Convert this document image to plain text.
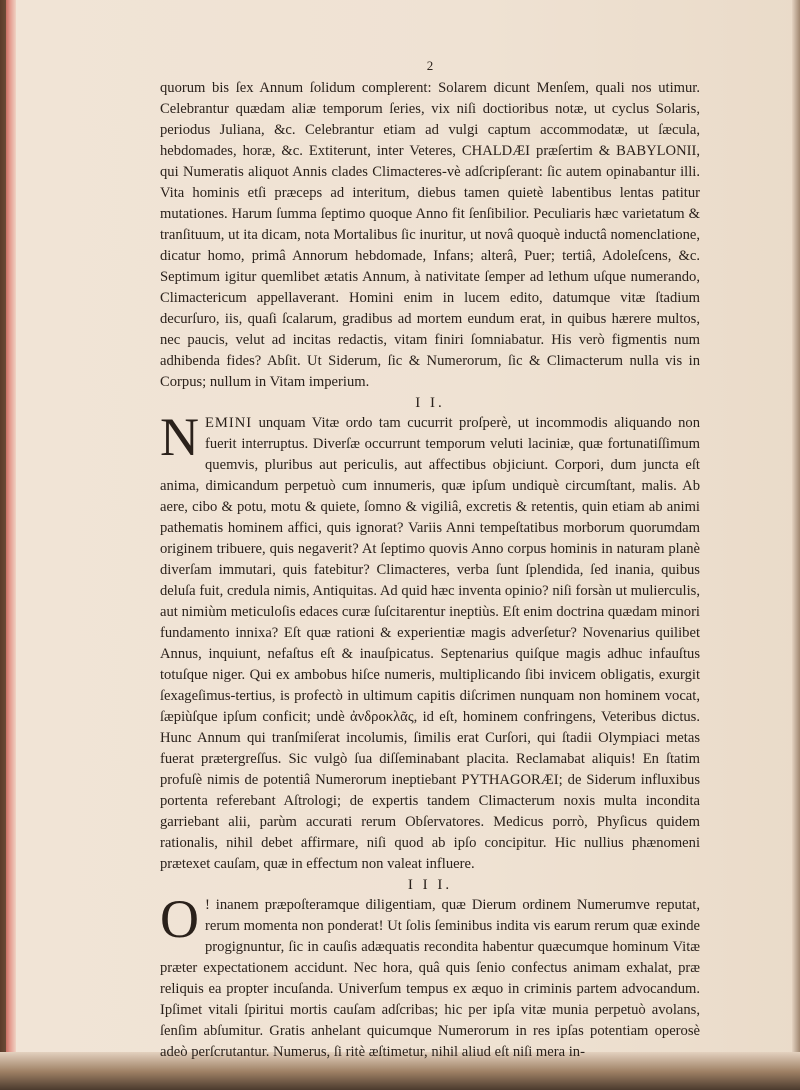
2

quorum bis ſex Annum ſolidum complerent: Solarem dicunt Menſem, quali nos utimur. Celebrantur quædam aliæ temporum ſeries, vix niſi doctioribus notæ, ut cyclus Solaris, periodus Juliana, &c. Celebrantur etiam ad vulgi captum accommodatæ, ut ſæcula, hebdomades, horæ, &c. Extiterunt, inter Veteres, CHALDÆI præſertim & BABYLONII, qui Numeratis aliquot Annis clades Climacteres-vè adſcripſerant: ſic autem opinabantur illi. Vita hominis etſi præceps ad interitum, diebus tamen quietè labentibus lentas patitur mutationes. Harum ſumma ſeptimo quoque Anno fit ſenſibilior. Peculiaris hæc varietatum & tranſituum, ut ita dicam, nota Mortalibus ſic inuritur, ut novâ quoquè inductâ nomenclatione, dicatur homo, primâ Annorum hebdomade, Infans; alterâ, Puer; tertiâ, Adoleſcens, &c. Septimum igitur quemlibet ætatis Annum, à nativitate ſemper ad lethum uſque numerando, Climactericum appellaverant. Homini enim in lucem edito, datumque vitæ ſtadium decurſuro, iis, quaſi ſcalarum, gradibus ad mortem eundum erat, in quibus hærere multos, nec paucis, velut ad incitas redactis, vitam finiri ſomniabatur. His verò figmentis num adhibenda fides? Abſit. Ut Siderum, ſic & Numerorum, ſic & Climacterum nulla vis in Corpus; nullum in Vitam imperium.

I I.
N EMINI unquam Vitæ ordo tam cucurrit proſperè, ut incommodis aliquando non fuerit interruptus. Diverſæ occurrunt temporum veluti laciniæ, quæ fortunatiſſimum quemvis, pluribus aut periculis, aut affectibus objiciunt. Corpori, dum juncta eſt anima, dimicandum perpetuò cum innumeris, quæ ipſum undiquè circumſtant, malis. Ab aere, cibo & potu, motu & quiete, ſomno & vigiliâ, excretis & retentis, quin etiam ab animi pathematis hominem affici, quis ignorat? Variis Anni tempeſtatibus morborum quorumdam originem tribuere, quis negaverit? At ſeptimo quovis Anno corpus hominis in naturam planè diverſam immutari, quis fatebitur? Climacteres, verba ſunt ſplendida, ſed inania, quibus deluſa fuit, credula nimis, Antiquitas. Ad quid hæc inventa opinio? niſi forsàn ut mulierculis, aut nimiùm meticuloſis edaces curæ ſuſcitarentur ineptiùs. Eſt enim doctrina quædam minori fundamento innixa? Eſt quæ rationi & experientiæ magis adverſetur? Novenarius quilibet Annus, inquiunt, nefaſtus eſt & inauſpicatus. Septenarius quiſque magis adhuc infauſtus totuſque niger. Qui ex ambobus hiſce numeris, multiplicando ſibi invicem obligatis, exurgit ſexageſimus-tertius, is profectò in ultimum capitis diſcrimen nunquam non hominem vocat, ſæpiùſque ipſum conficit; undè ἀνδροκλᾶς, id eſt, hominem confringens, Veteribus dictus. Hunc Annum qui tranſmiſerat incolumis, ſimilis erat Curſori, qui ſtadii Olympiaci metas fuerat prætergreſſus. Sic vulgò ſua diſſeminabant placita. Reclamabat aliquis! En ſtatim profuſè nimis de potentiâ Numerorum ineptiebant PYTHAGORÆI; de Siderum influxibus portenta referebant Aſtrologi; de expertis tandem Climacterum noxis multa incondita garriebant alii, parùm accurati rerum Obſervatores. Medicus porrò, Phyſicus quidem rationalis, nihil debet affirmare, niſi quod ab ipſo concipitur. Hic nullius phænomeni prætexet cauſam, quæ in effectum non valeat influere.

I I I.
O ! inanem præpoſteramque diligentiam, quæ Dierum ordinem Numerumve reputat, rerum momenta non ponderat! Ut ſolis ſeminibus indita vis earum rerum quæ exinde progignuntur, ſic in cauſis adæquatis recondita habentur quæcumque hominum Vitæ præter expectationem accidunt. Nec hora, quâ quis ſenio confectus animam exhalat, præ reliquis ea propter incuſanda. Univerſum tempus ex æquo in criminis partem advocandum. Ipſimet vitali ſpiritui mortis cauſam adſcribas; hic per ipſa vitæ munia perpetuò avolans, ſenſim abſumitur. Gratis anhelant quicumque Numerorum in res ipſas potentiam operosè adeò perſcrutantur. Numerus, ſi ritè æſtimetur, nihil aliud eſt niſi mera in-
